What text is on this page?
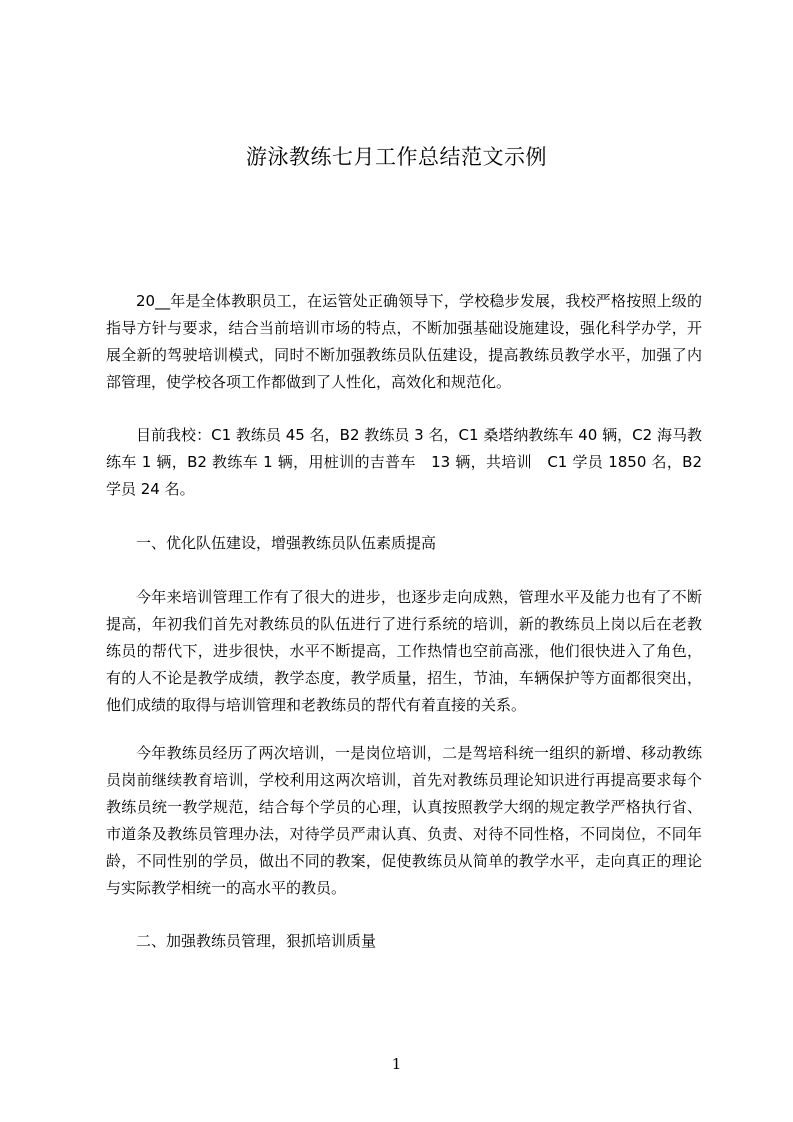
游泳教练七月工作总结范文示例

20__年是全体教职员工，在运管处正确领导下，学校稳步发展，我校严格按照上级的指导方针与要求，结合当前培训市场的特点，不断加强基础设施建设，强化科学办学，开展全新的驾驶培训模式，同时不断加强教练员队伍建设，提高教练员教学水平，加强了内部管理，使学校各项工作都做到了人性化，高效化和规范化。

目前我校：C1 教练员 45 名，B2 教练员 3 名，C1 桑塔纳教练车 40 辆，C2 海马教练车 1 辆，B2 教练车 1 辆，用桩训的吉普车　13 辆，共培训　C1 学员 1850 名，B2 学员 24 名。

一、优化队伍建设，增强教练员队伍素质提高

今年来培训管理工作有了很大的进步，也逐步走向成熟，管理水平及能力也有了不断提高，年初我们首先对教练员的队伍进行了进行系统的培训，新的教练员上岗以后在老教练员的帮代下，进步很快，水平不断提高，工作热情也空前高涨，他们很快进入了角色，有的人不论是教学成绩，教学态度，教学质量，招生，节油，车辆保护等方面都很突出，他们成绩的取得与培训管理和老教练员的帮代有着直接的关系。

今年教练员经历了两次培训，一是岗位培训，二是驾培科统一组织的新增、移动教练员岗前继续教育培训，学校利用这两次培训，首先对教练员理论知识进行再提高要求每个教练员统一教学规范，结合每个学员的心理，认真按照教学大纲的规定教学严格执行省、市道条及教练员管理办法，对待学员严肃认真、负责、对待不同性格，不同岗位，不同年龄，不同性别的学员，做出不同的教案，促使教练员从简单的教学水平，走向真正的理论与实际教学相统一的高水平的教员。

二、加强教练员管理，狠抓培训质量

1
